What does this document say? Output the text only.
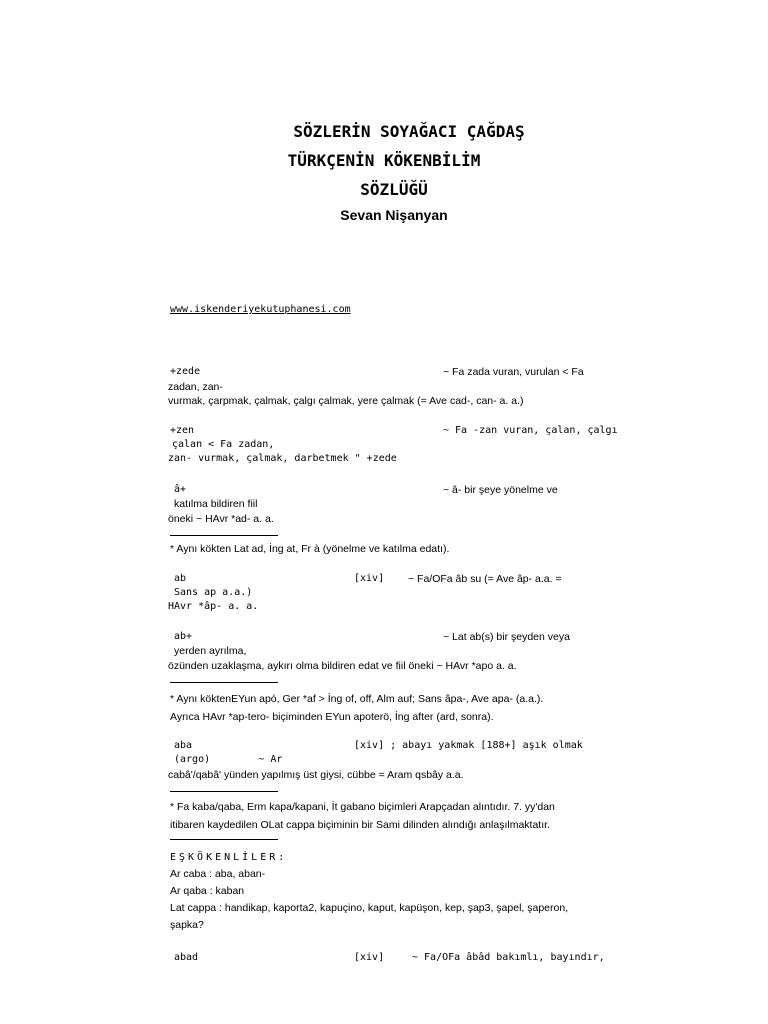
SÖZLERİN SOYAĞACI ÇAĞDAŞ
TÜRKÇENİN KÖKENBİLİM
SÖZLÜĞÜ
Sevan Nişanyan
www.iskenderiyekutuphanesi.com
+zede	~ Fa zada vuran, vurulan < Fa
zadan, zan-
vurmak, çarpmak, çalmak, çalgı çalmak, yere çalmak (= Ave cad-, can- a. a.)
+zen	~ Fa -zan vuran, çalan, çalgı
çalan < Fa zadan,
zan- vurmak, çalmak, darbetmek " +zede
â+	~ â- bir şeye yönelme ve
katılma bildiren fiil
öneki ~ HAvr *ad- a. a.
* Aynı kökten Lat ad, İng at, Fr à (yönelme ve katılma edatı).
ab	[xiv] ~ Fa/OFa âb su (= Ave âp- a.a. =
Sans ap a.a.)
HAvr *âp- a. a.
ab+	~ Lat ab(s) bir şeyden veya
yerden ayrılma,
özünden uzaklaşma, aykırı olma bildiren edat ve fiil öneki ~ HAvr *apo a. a.
* Aynı köktenEYun apó, Ger *af > İng of, off, Alm auf; Sans âpa-, Ave apa- (a.a.).
Ayrıca HAvr *ap-tero- biçiminden EYun apoterö, İng after (ard, sonra).
aba	[xiv] ; abayı yakmak [188+] aşık olmak
(argo)        ~ Ar
cabâ'/qabâ' yünden yapılmış üst giysi, cübbe = Aram qsbây a.a.
* Fa kaba/qaba, Erm kapa/kapani, İt gabano biçimleri Arapçadan alıntıdır. 7. yy'dan
itibaren kaydedilen OLat cappa biçiminin bir Sami dilinden alındığı anlaşılmaktatır.
EŞKÖKENLİLER:
Ar caba : aba, aban-
Ar qaba : kaban
Lat cappa : handikap, kaporta2, kapuçino, kaput, kapüşon, kep, şap3, şapel, şaperon,
şapka?
abad	[xiv]	~ Fa/OFa âbâd bakımlı, bayındır,
